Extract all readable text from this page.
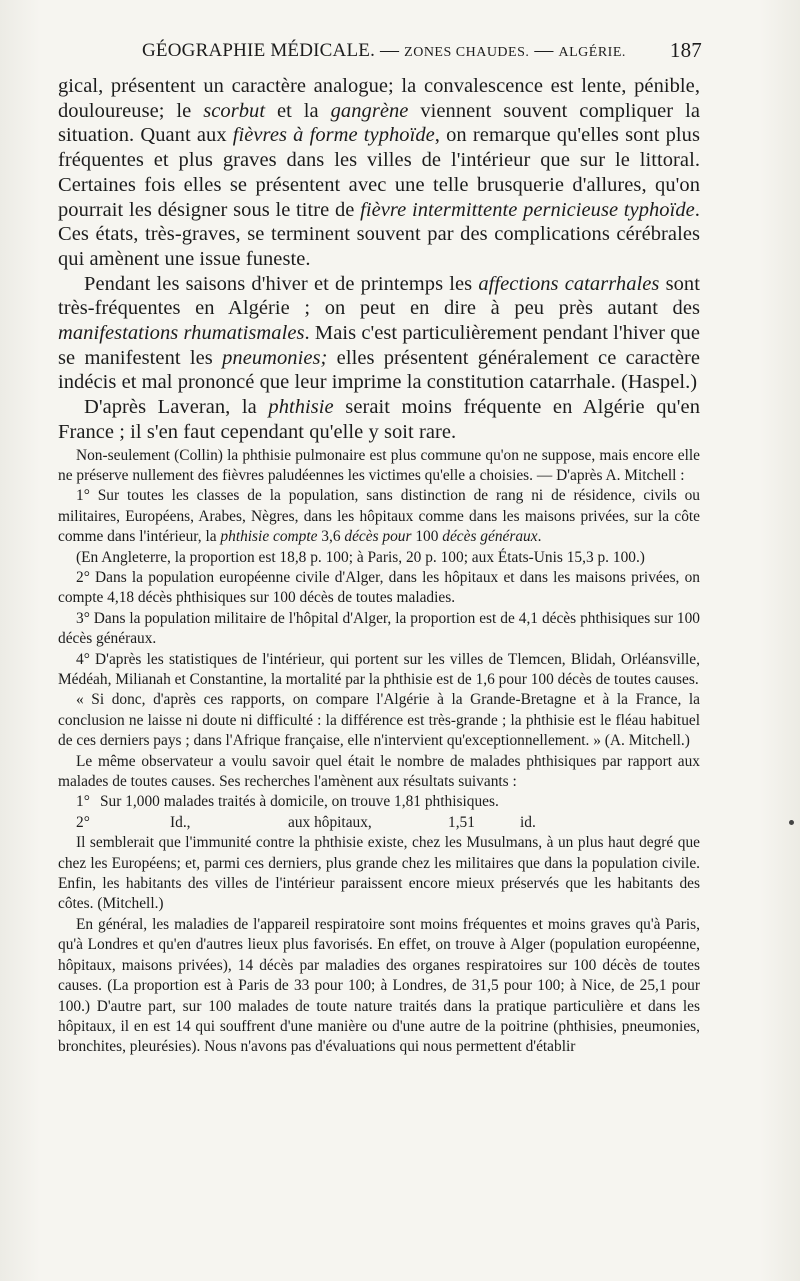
GÉOGRAPHIE MÉDICALE. — ZONES CHAUDES. — ALGÉRIE. 187

gical, présentent un caractère analogue; la convalescence est lente, pénible, douloureuse; le scorbut et la gangrène viennent souvent compliquer la situation. Quant aux fièvres à forme typhoïde, on remarque qu'elles sont plus fréquentes et plus graves dans les villes de l'intérieur que sur le littoral. Certaines fois elles se présentent avec une telle brusquerie d'allures, qu'on pourrait les désigner sous le titre de fièvre intermittente pernicieuse typhoïde. Ces états, très-graves, se terminent souvent par des complications cérébrales qui amènent une issue funeste.

Pendant les saisons d'hiver et de printemps les affections catarrhales sont très-fréquentes en Algérie ; on peut en dire à peu près autant des manifestations rhumatismales. Mais c'est particulièrement pendant l'hiver que se manifestent les pneumonies; elles présentent généralement ce caractère indécis et mal prononcé que leur imprime la constitution catarrhale. (Haspel.)

D'après Laveran, la phthisie serait moins fréquente en Algérie qu'en France ; il s'en faut cependant qu'elle y soit rare.

Non-seulement (Collin) la phthisie pulmonaire est plus commune qu'on ne suppose, mais encore elle ne préserve nullement des fièvres paludéennes les victimes qu'elle a choisies. — D'après A. Mitchell :

1° Sur toutes les classes de la population, sans distinction de rang ni de résidence, civils ou militaires, Européens, Arabes, Nègres, dans les hôpitaux comme dans les maisons privées, sur la côte comme dans l'intérieur, la phthisie compte 3,6 décès pour 100 décès généraux.

(En Angleterre, la proportion est 18,8 p. 100; à Paris, 20 p. 100; aux États-Unis 15,3 p. 100.)

2° Dans la population européenne civile d'Alger, dans les hôpitaux et dans les maisons privées, on compte 4,18 décès phthisiques sur 100 décès de toutes maladies.

3° Dans la population militaire de l'hôpital d'Alger, la proportion est de 4,1 décès phthisiques sur 100 décès généraux.

4° D'après les statistiques de l'intérieur, qui portent sur les villes de Tlemcen, Blidah, Orléansville, Médéah, Milianah et Constantine, la mortalité par la phthisie est de 1,6 pour 100 décès de toutes causes.

« Si donc, d'après ces rapports, on compare l'Algérie à la Grande-Bretagne et à la France, la conclusion ne laisse ni doute ni difficulté : la différence est très-grande ; la phthisie est le fléau habituel de ces derniers pays ; dans l'Afrique française, elle n'intervient qu'exceptionnellement. » (A. Mitchell.)

Le même observateur a voulu savoir quel était le nombre de malades phthisiques par rapport aux malades de toutes causes. Ses recherches l'amènent aux résultats suivants :

1° Sur 1,000 malades traités à domicile, on trouve 1,81 phthisiques.
2°	Id.,	aux hôpitaux,	1,51	id.

Il semblerait que l'immunité contre la phthisie existe, chez les Musulmans, à un plus haut degré que chez les Européens; et, parmi ces derniers, plus grande chez les militaires que dans la population civile. Enfin, les habitants des villes de l'intérieur paraissent encore mieux préservés que les habitants des côtes. (Mitchell.)

En général, les maladies de l'appareil respiratoire sont moins fréquentes et moins graves qu'à Paris, qu'à Londres et qu'en d'autres lieux plus favorisés. En effet, on trouve à Alger (population européenne, hôpitaux, maisons privées), 14 décès par maladies des organes respiratoires sur 100 décès de toutes causes. (La proportion est à Paris de 33 pour 100; à Londres, de 31,5 pour 100; à Nice, de 25,1 pour 100.) D'autre part, sur 100 malades de toute nature traités dans la pratique particulière et dans les hôpitaux, il en est 14 qui souffrent d'une manière ou d'une autre de la poitrine (phthisies, pneumonies, bronchites, pleurésies). Nous n'avons pas d'évaluations qui nous permettent d'établir
